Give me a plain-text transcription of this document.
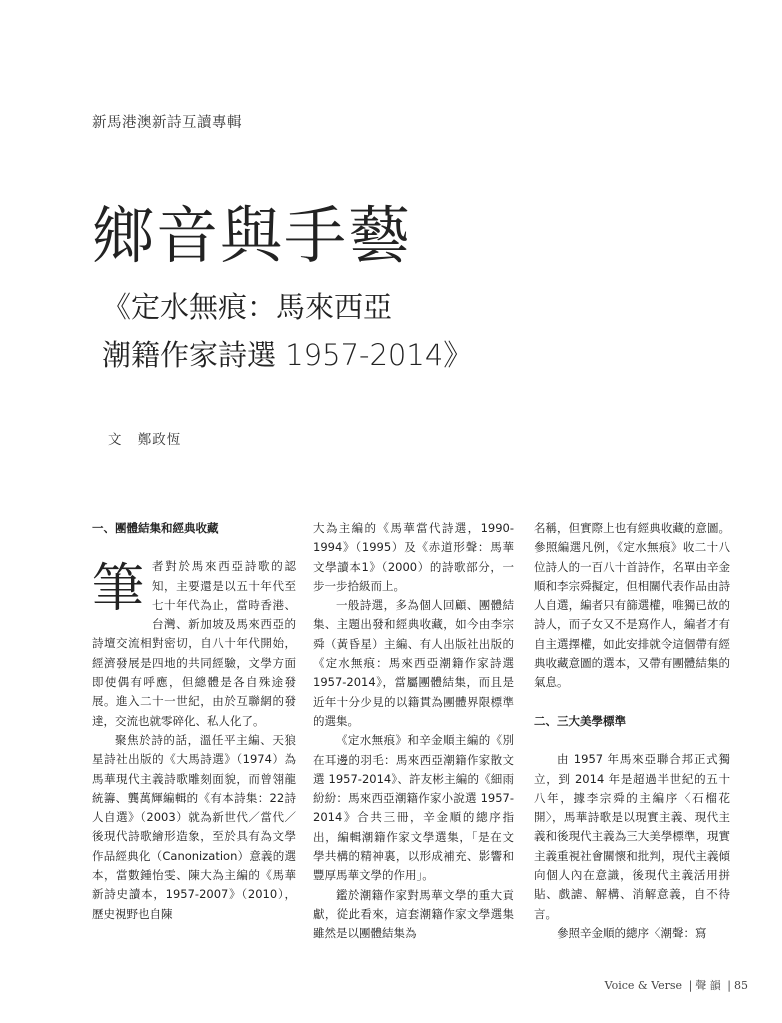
新馬港澳新詩互讀專輯
鄉音與手藝
《定水無痕：馬來西亞
潮籍作家詩選 1957-2014》
文 鄭政恆
一、團體結集和經典收藏

筆者對於馬來西亞詩歌的認知，主要還是以五十年代至七十年代為止，當時香港、台灣、新加坡及馬來西亞的詩壇交流相對密切，自八十年代開始，經濟發展是四地的共同經驗，文學方面即使偶有呼應，但總體是各自殊途發展。進入二十一世紀，由於互聯網的發達，交流也就零碎化、私人化了。

聚焦於詩的話，溫任平主編、天狼星詩社出版的《大馬詩選》（1974）為馬華現代主義詩歌雕刻面貌，而曾翎龍統籌、龔萬輝編輯的《有本詩集：22詩人自選》（2003）就為新世代／當代／後現代詩歌繪形造象，至於具有為文學作品經典化（Canonization）意義的選本，當數鍾怡雯、陳大為主編的《馬華新詩史讀本，1957-2007》（2010），歷史視野也自陳

大為主編的《馬華當代詩選，1990-1994》（1995）及《赤道形聲：馬華文學讀本1》（2000）的詩歌部分，一步一步拾級而上。

一般詩選，多為個人回顧、團體結集、主題出發和經典收藏，如今由李宗舜（黃昏星）主編、有人出版社出版的《定水無痕：馬來西亞潮籍作家詩選 1957-2014》，當屬團體結集，而且是近年十分少見的以籍貫為團體界限標準的選集。

《定水無痕》和辛金順主編的《別在耳邊的羽毛：馬來西亞潮籍作家散文選 1957-2014》、許友彬主編的《細雨紛紛：馬來西亞潮籍作家小說選 1957-2014》合共三冊，辛金順的總序指出，編輯潮籍作家文學選集，「是在文學共構的精神裏，以形成補充、影響和豐厚馬華文學的作用」。

鑑於潮籍作家對馬華文學的重大貢獻，從此看來，這套潮籍作家文學選集雖然是以團體結集為

名稱，但實際上也有經典收藏的意圖。參照編選凡例，《定水無痕》收二十八位詩人的一百八十首詩作，名單由辛金順和李宗舜擬定，但相關代表作品由詩人自選，編者只有篩選權，唯獨已故的詩人，而子女又不是寫作人，編者才有自主選擇權，如此安排就令這個帶有經典收藏意圖的選本，又帶有團體結集的氣息。

二、三大美學標準

由 1957 年馬來亞聯合邦正式獨立，到 2014 年是超過半世紀的五十八年，據李宗舜的主編序〈石榴花開〉，馬華詩歌是以現實主義、現代主義和後現代主義為三大美學標準，現實主義重視社會關懷和批判，現代主義傾向個人內在意識，後現代主義活用拼貼、戲謔、解構、消解意義，自不待言。

參照辛金順的總序〈潮聲：寫

Voice & Verse | 聲 韻 | 85
